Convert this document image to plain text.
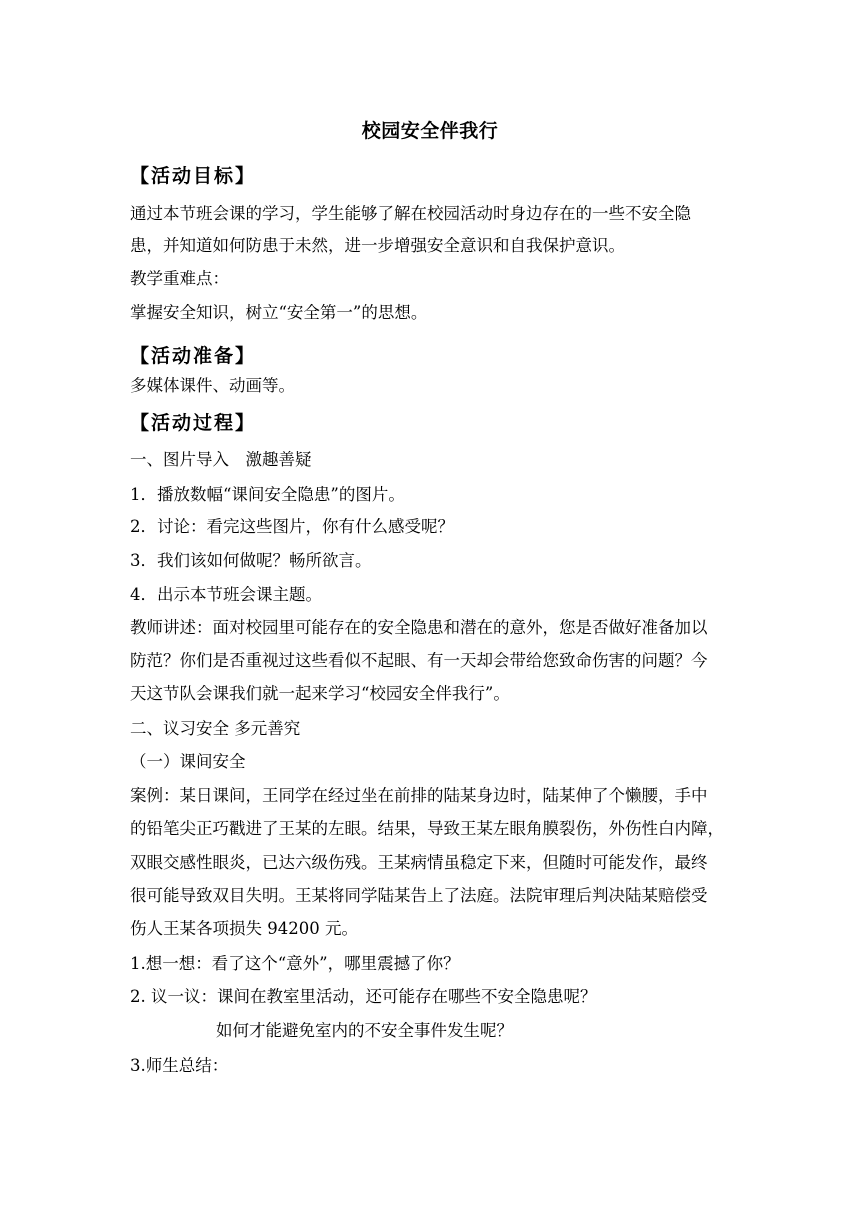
校园安全伴我行
【活动目标】
通过本节班会课的学习，学生能够了解在校园活动时身边存在的一些不安全隐
患，并知道如何防患于未然，进一步增强安全意识和自我保护意识。
教学重难点：
掌握安全知识，树立“安全第一”的思想。
【活动准备】
多媒体课件、动画等。
【活动过程】
一、图片导入　激趣善疑
1．播放数幅“课间安全隐患”的图片。
2．讨论：看完这些图片，你有什么感受呢？
3．我们该如何做呢？畅所欲言。
4．出示本节班会课主题。
教师讲述：面对校园里可能存在的安全隐患和潜在的意外，您是否做好准备加以
防范？你们是否重视过这些看似不起眼、有一天却会带给您致命伤害的问题？今
天这节队会课我们就一起来学习“校园安全伴我行”。
二、议习安全 多元善究
（一）课间安全
案例：某日课间，王同学在经过坐在前排的陆某身边时，陆某伸了个懒腰，手中
的铅笔尖正巧戳进了王某的左眼。结果，导致王某左眼角膜裂伤，外伤性白内障，
双眼交感性眼炎，已达六级伤残。王某病情虽稳定下来，但随时可能发作，最终
很可能导致双目失明。王某将同学陆某告上了法庭。法院审理后判决陆某赔偿受
伤人王某各项损失 94200 元。
1.想一想：看了这个“意外”，哪里震撼了你？
2. 议一议：课间在教室里活动，还可能存在哪些不安全隐患呢？
如何才能避免室内的不安全事件发生呢？
3.师生总结：
